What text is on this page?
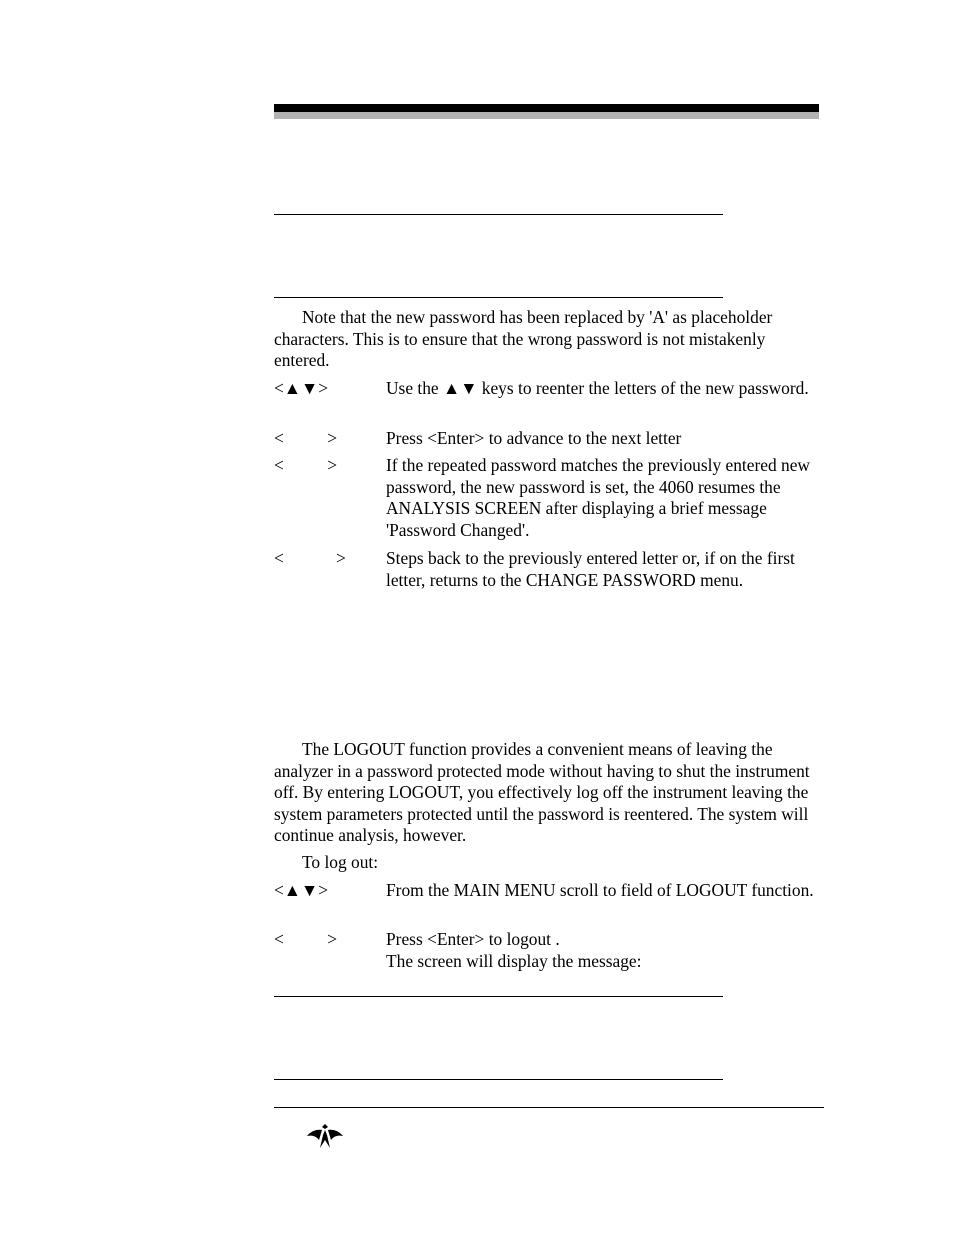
Note that the new password has been replaced by 'A' as placeholder characters. This is to ensure that the wrong password is not mistakenly entered.
<▲▼>	Use the ▲▼ keys to reenter the letters of the new password.
<          >	Press <Enter> to advance to the next letter
<          >	If the repeated password matches the previously entered new password, the new password is set, the 4060 resumes the ANALYSIS SCREEN after displaying a brief message 'Password Changed'.
<            >	Steps back to the previously entered letter or, if on the first letter, returns to the CHANGE PASSWORD menu.
The LOGOUT function provides a convenient means of leaving the analyzer in a password protected mode without having to shut the instrument off. By entering LOGOUT, you effectively log off the instrument leaving the system parameters protected until the password is reentered. The system will continue analysis, however.
To log out:
<▲▼>	From the MAIN MENU scroll to field of LOGOUT function.
<          >	Press <Enter> to logout .
The screen will display the message:
